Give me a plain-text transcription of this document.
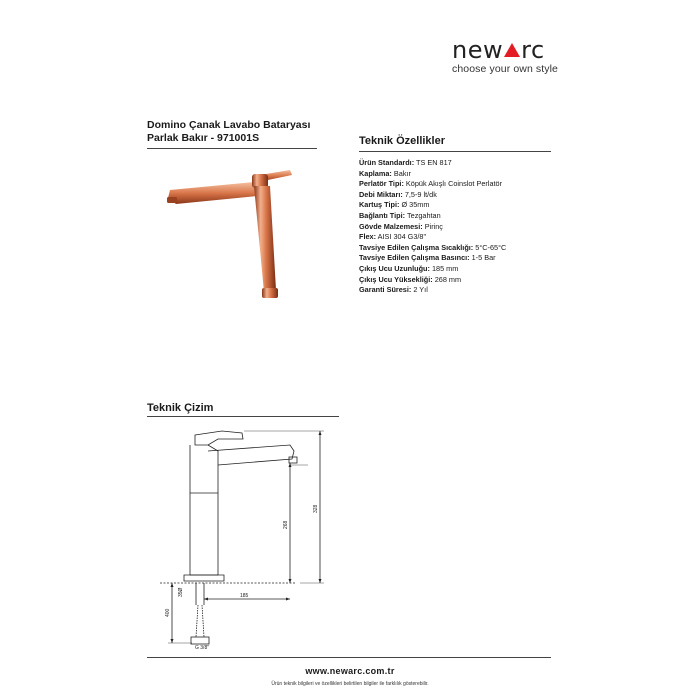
new rc
choose your own style
Domino Çanak Lavabo Bataryası
Parlak Bakır - 971001S	Teknik Özellikler
Ürün Standardı: TS EN 817
Kaplama: Bakır
Perlatör Tipi: Köpük Akışlı Coinslot Perlatör
Debi Miktarı: 7,5-9 lt/dk
Kartuş Tipi: Ø 35mm
Bağlantı Tipi: Tezgahtan
Gövde Malzemesi: Pirinç
Flex: AISI 304 G3/8"
Tavsiye Edilen Çalışma Sıcaklığı: 5°C-65°C
Tavsiye Edilen Çalışma Basıncı: 1-5 Bar
Çıkış Ucu Uzunluğu: 185 mm
Çıkış Ucu Yüksekliği: 268 mm
Garanti Süresi: 2 Yıl
Teknik Çizim
268
328
185
400
35Ø
G 3/8"
www.newarc.com.tr
Ürün teknik bilgileri ve özellikleri belirtilen bilgiler ile farklılık gösterebilir.
